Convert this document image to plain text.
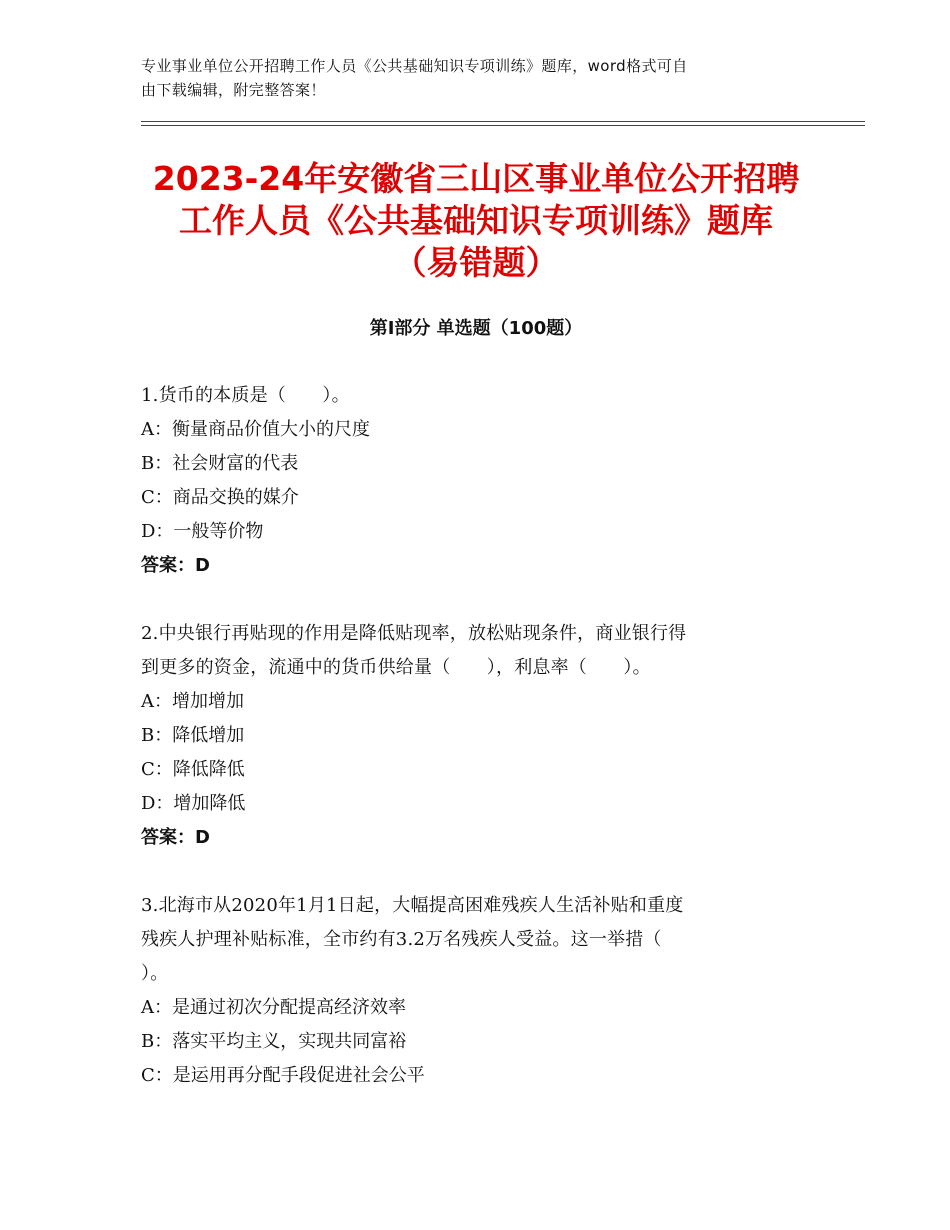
专业事业单位公开招聘工作人员《公共基础知识专项训练》题库，word格式可自
由下载编辑，附完整答案！
2023-24年安徽省三山区事业单位公开招聘
工作人员《公共基础知识专项训练》题库
（易错题）
第Ⅰ部分 单选题（100题）

1.货币的本质是（　　）。

A：衡量商品价值大小的尺度

B：社会财富的代表

C：商品交换的媒介

D：一般等价物

答案：D

2.中央银行再贴现的作用是降低贴现率，放松贴现条件，商业银行得

到更多的资金，流通中的货币供给量（　　），利息率（　　）。

A：增加增加

B：降低增加

C：降低降低

D：增加降低

答案：D

3.北海市从2020年1月1日起，大幅提高困难残疾人生活补贴和重度

残疾人护理补贴标准，全市约有3.2万名残疾人受益。这一举措（

）。

A：是通过初次分配提高经济效率

B：落实平均主义，实现共同富裕

C：是运用再分配手段促进社会公平
